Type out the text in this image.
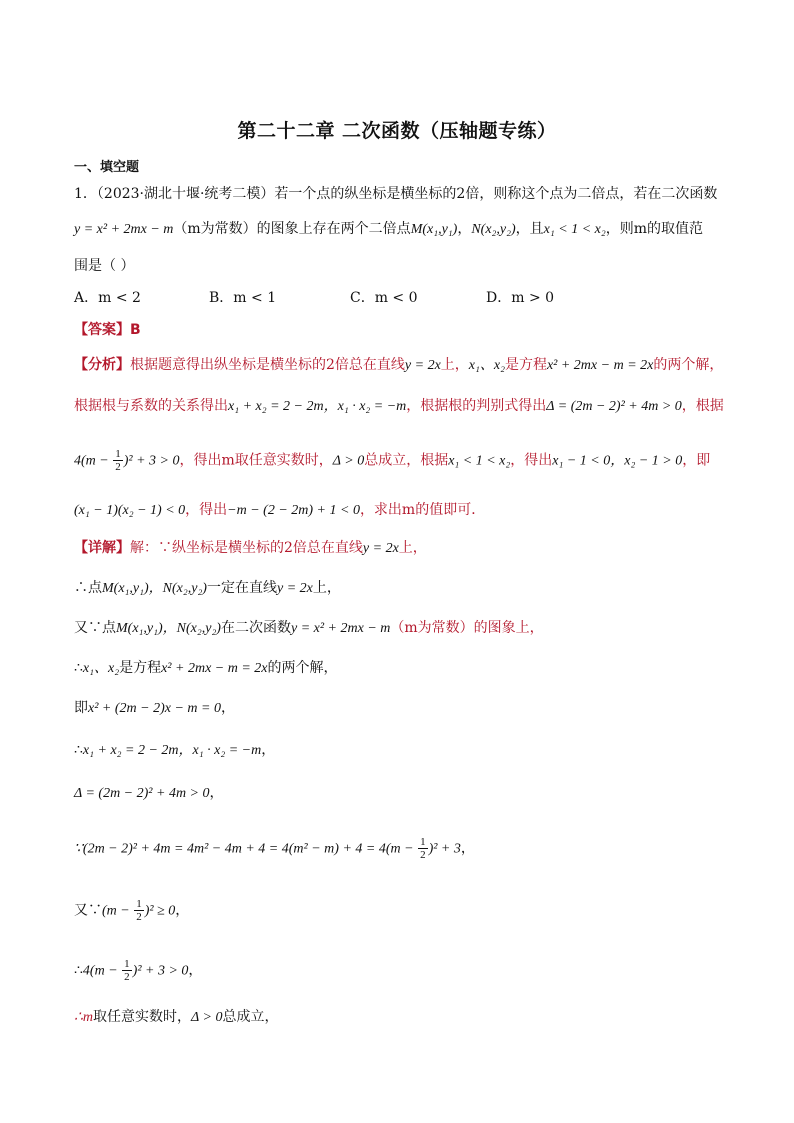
第二十二章 二次函数（压轴题专练）
一、填空题
1．（2023·湖北十堰·统考二模）若一个点的纵坐标是横坐标的2倍，则称这个点为二倍点，若在二次函数
y = x² + 2mx − m（m为常数）的图象上存在两个二倍点M(x₁,y₁)，N(x₂,y₂)，且x₁ < 1 < x₂，则m的取值范
围是（ ）
A．m < 2	B．m < 1	C．m < 0	D．m > 0
【答案】B
【分析】根据题意得出纵坐标是横坐标的2倍总在直线y = 2x上，x₁、x₂是方程x² + 2mx − m = 2x的两个解，
根据根与系数的关系得出x₁ + x₂ = 2 − 2m，x₁ · x₂ = −m，根据根的判别式得出Δ = (2m − 2)² + 4m > 0，根据
$4(m - \frac{1}{2} )^2 + 3 > 0$，得出m取任意实数时，Δ > 0总成立，根据x₁ < 1 < x₂，得出x₁ − 1 < 0，x₂ − 1 > 0，即
(x₁ − 1)(x₂ − 1) < 0，得出−m − (2 − 2m) + 1 < 0，求出m的值即可．
【详解】解：∵纵坐标是横坐标的2倍总在直线y = 2x上，
∴点M(x₁,y₁)，N(x₂,y₂)一定在直线y = 2x上，
又∵点M(x₁,y₁)，N(x₂,y₂)在二次函数y = x² + 2mx − m（m为常数）的图象上，
∴x₁、x₂是方程x² + 2mx − m = 2x的两个解，
即x² + (2m − 2)x − m = 0，
∴x₁ + x₂ = 2 − 2m，x₁ · x₂ = −m，
Δ = (2m − 2)² + 4m > 0，
∵(2m − $2)^2 + 4m = 4m^2 - 4m + 4 = 4(m^2 - m) + 4 = 4(m - \frac{1}{2} )^2 + 3$，
又∵(m − $\frac{1}{2} )^2 \ge 0$，
∴4(m − $\frac{1}{2} )^2 + 3 > 0$，
∴m取任意实数时，Δ > 0总成立，
